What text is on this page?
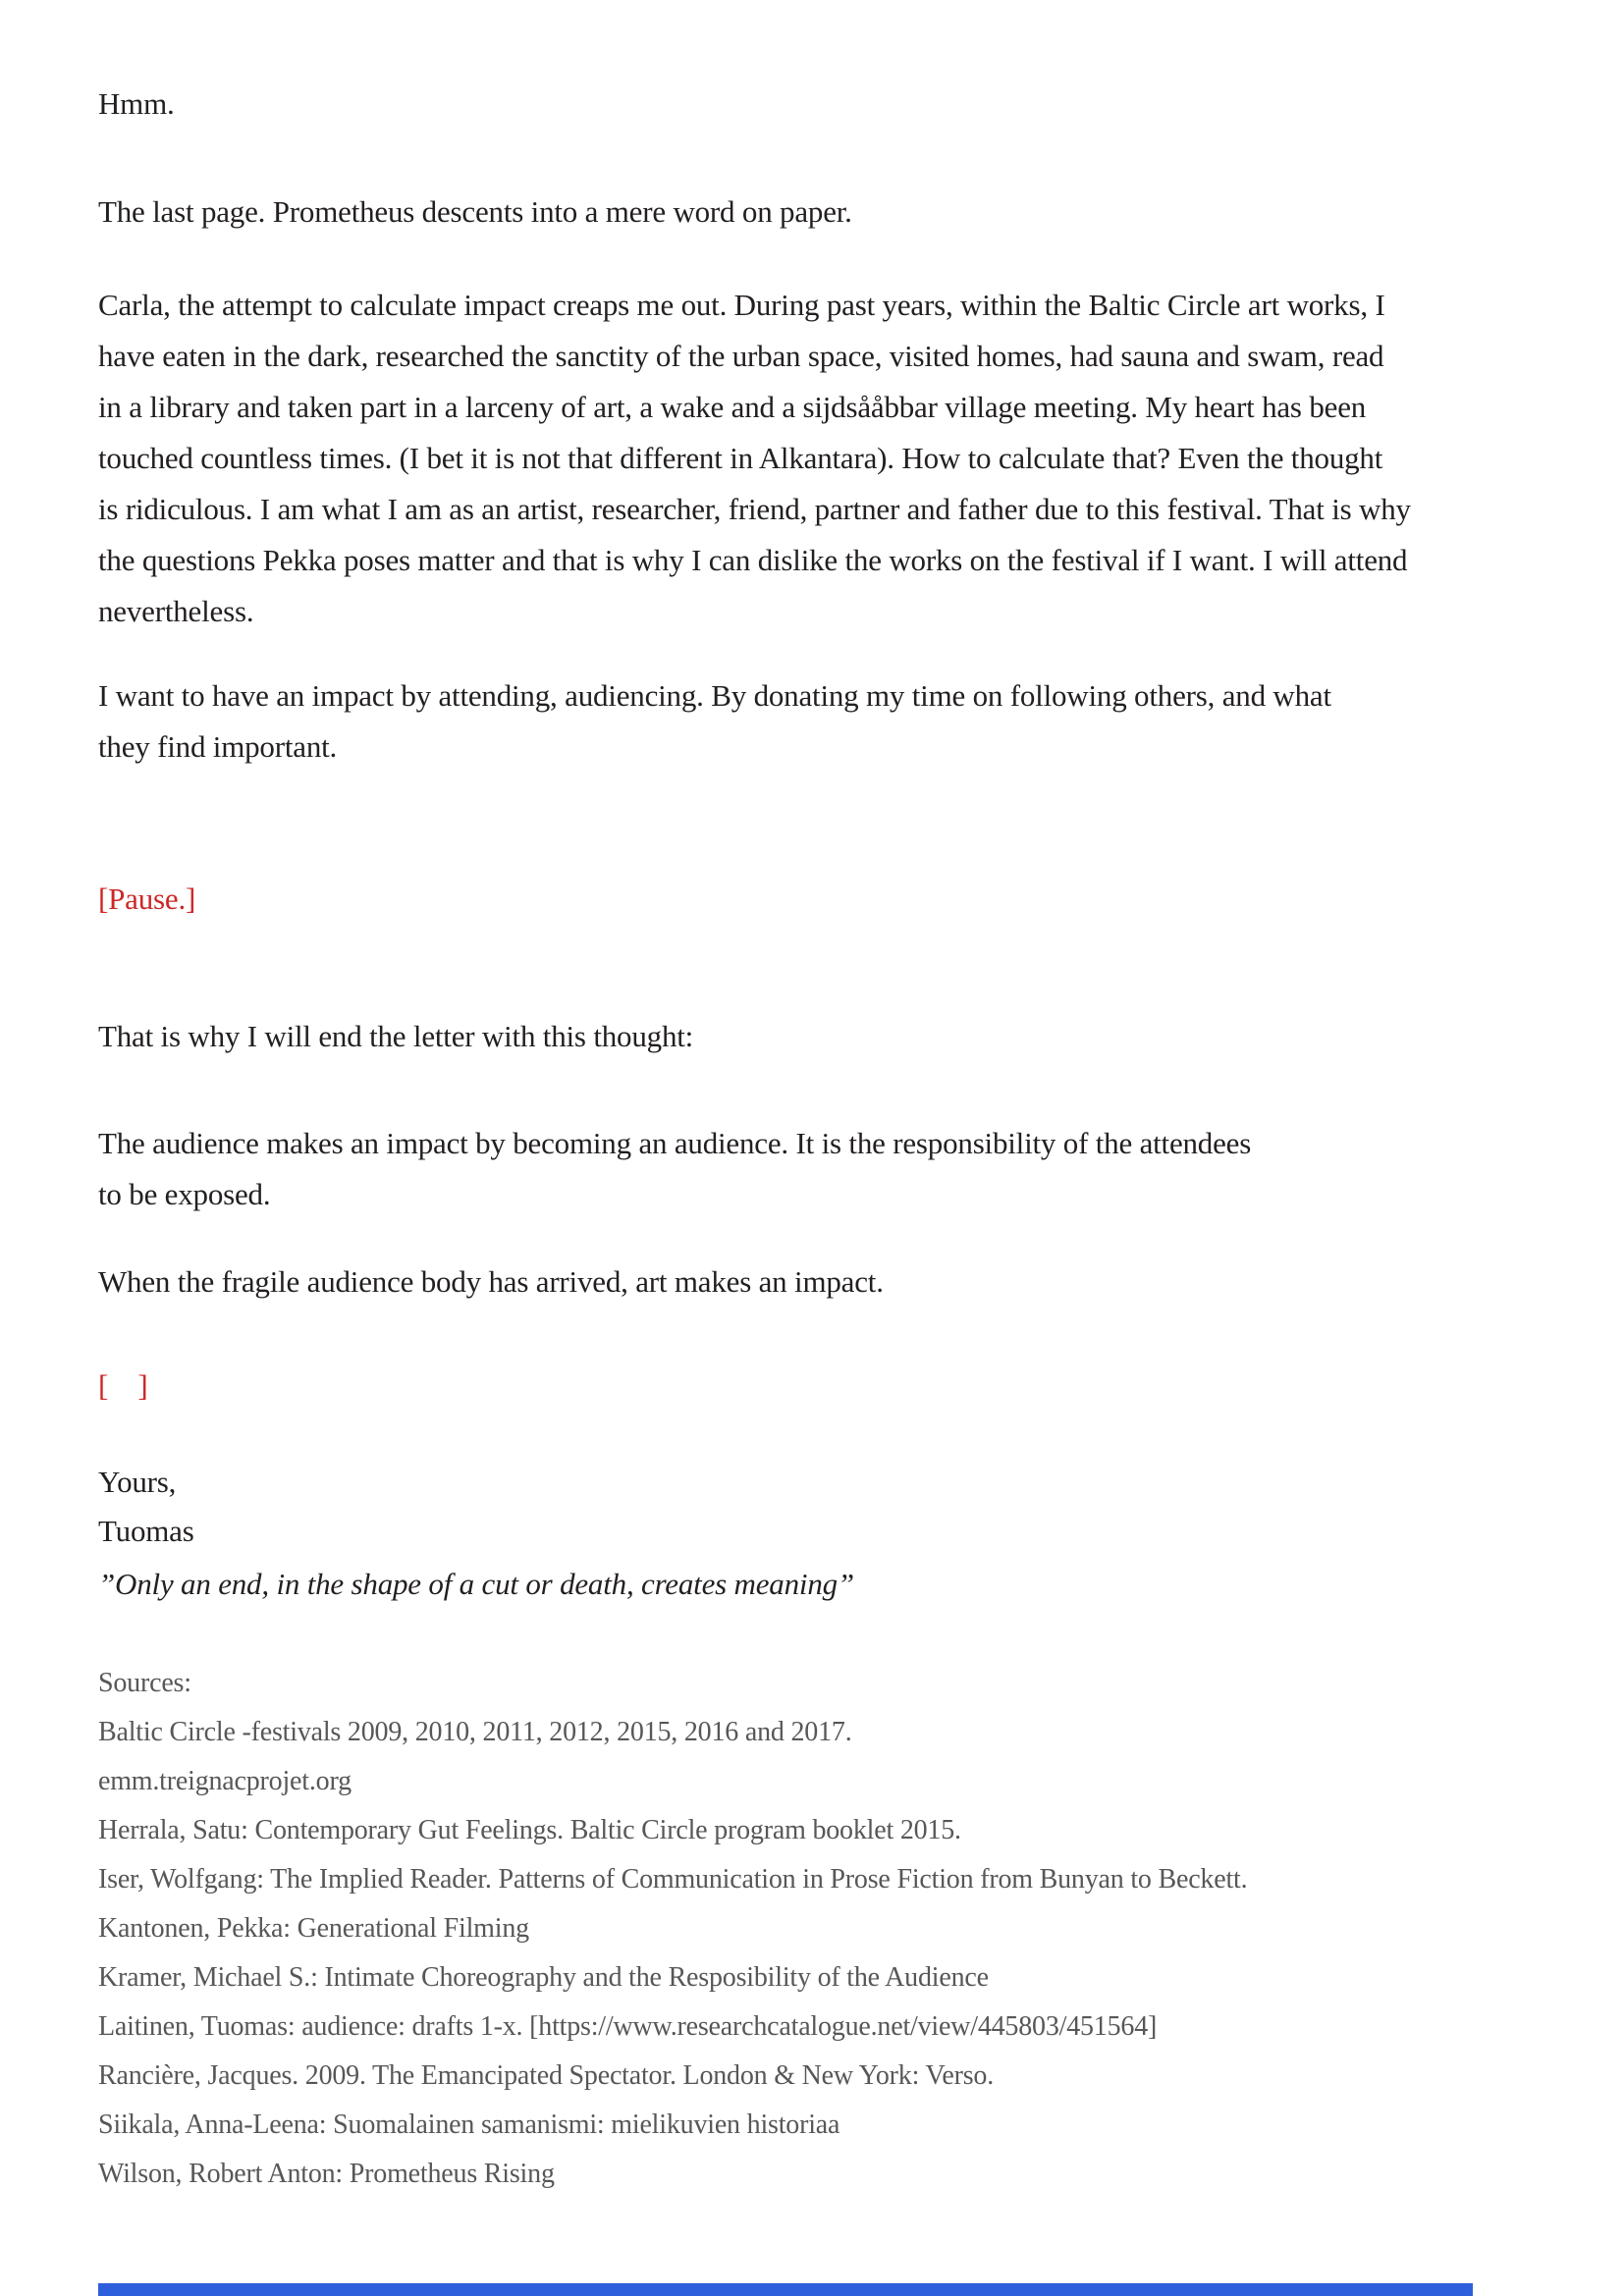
Hmm.
The last page. Prometheus descents into a mere word on paper.
Carla, the attempt to calculate impact creaps me out. During past years, within the Baltic Circle art works, I
have eaten in the dark, researched the sanctity of the urban space, visited homes, had sauna and swam, read
in a library and taken part in a larceny of art, a wake and a sijdsååbbar village meeting. My heart has been
touched countless times. (I bet it is not that different in Alkantara). How to calculate that? Even the thought
is ridiculous. I am what I am as an artist, researcher, friend, partner and father due to this festival. That is why
the questions Pekka poses matter and that is why I can dislike the works on the festival if I want. I will attend
nevertheless.
I want to have an impact by attending, audiencing. By donating my time on following others, and what
they find important.
[Pause.]
That is why I will end the letter with this thought:
The audience makes an impact by becoming an audience. It is the responsibility of the attendees
to be exposed.
When the fragile audience body has arrived, art makes an impact.
[    ]
Yours,
Tuomas
”Only an end, in the shape of a cut or death, creates meaning”
Sources:
Baltic Circle -festivals 2009, 2010, 2011, 2012, 2015, 2016 and 2017.
emm.treignacprojet.org
Herrala, Satu: Contemporary Gut Feelings. Baltic Circle program booklet 2015.
Iser, Wolfgang: The Implied Reader. Patterns of Communication in Prose Fiction from Bunyan to Beckett.
Kantonen, Pekka: Generational Filming
Kramer, Michael S.: Intimate Choreography and the Resposibility of the Audience
Laitinen, Tuomas: audience: drafts 1-x. [https://www.researchcatalogue.net/view/445803/451564]
Rancière, Jacques. 2009. The Emancipated Spectator. London & New York: Verso.
Siikala, Anna-Leena: Suomalainen samanismi: mielikuvien historiaa
Wilson, Robert Anton: Prometheus Rising
